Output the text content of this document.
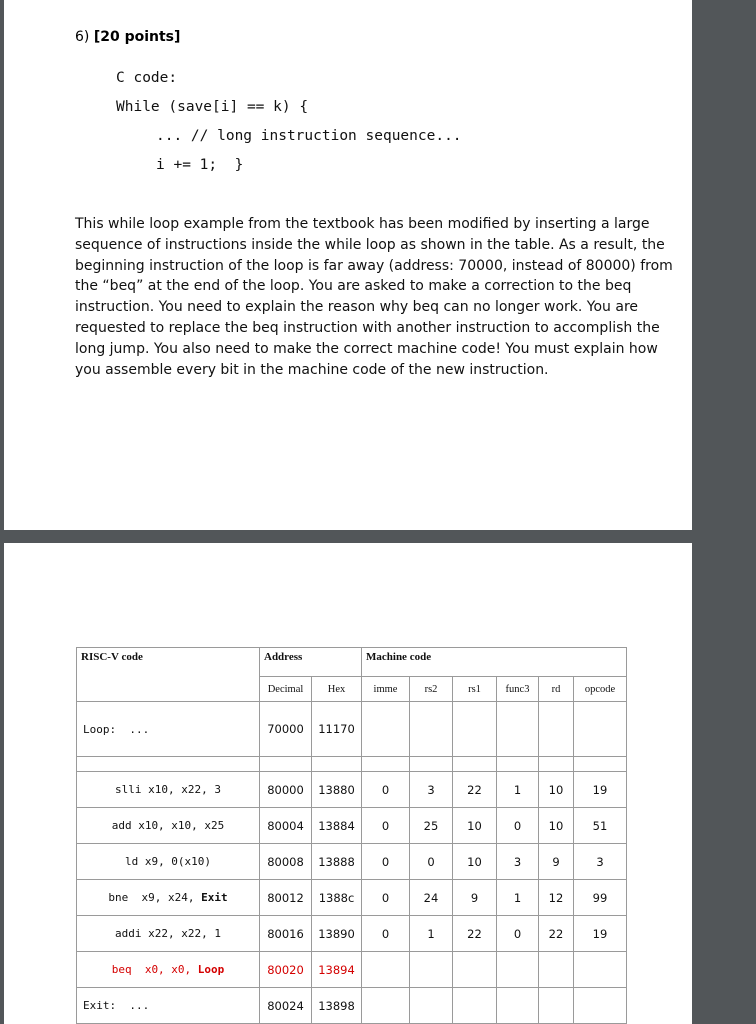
6) [20 points]
C code:
While (save[i] == k) {
... // long instruction sequence...
i += 1;  }
This while loop example from the textbook has been modified by inserting a large
sequence of instructions inside the while loop as shown in the table. As a result, the
beginning instruction of the loop is far away (address: 70000, instead of 80000) from
the “beq” at the end of the loop. You are asked to make a correction to the beq
instruction. You need to explain the reason why beq can no longer work. You are
requested to replace the beq instruction with another instruction to accomplish the
long jump. You also need to make the correct machine code! You must explain how
you assemble every bit in the machine code of the new instruction.
RISC-V code	Address		Machine code					
	Decimal	Hex	imme	rs2	rs1	func3	rd	opcode
Loop: ...	70000	11170						

slli x10, x22, 3	80000	13880	0	3	22	1	10	19
add x10, x10, x25	80004	13884	0	25	10	0	10	51
ld x9, 0(x10)	80008	13888	0	0	10	3	9	3
bne  x9, x24, Exit	80012	1388c	0	24	9	1	12	99
addi x22, x22, 1	80016	13890	0	1	22	0	22	19
beq  x0, x0, Loop	80020	13894						
Exit: ...	80024	13898						
